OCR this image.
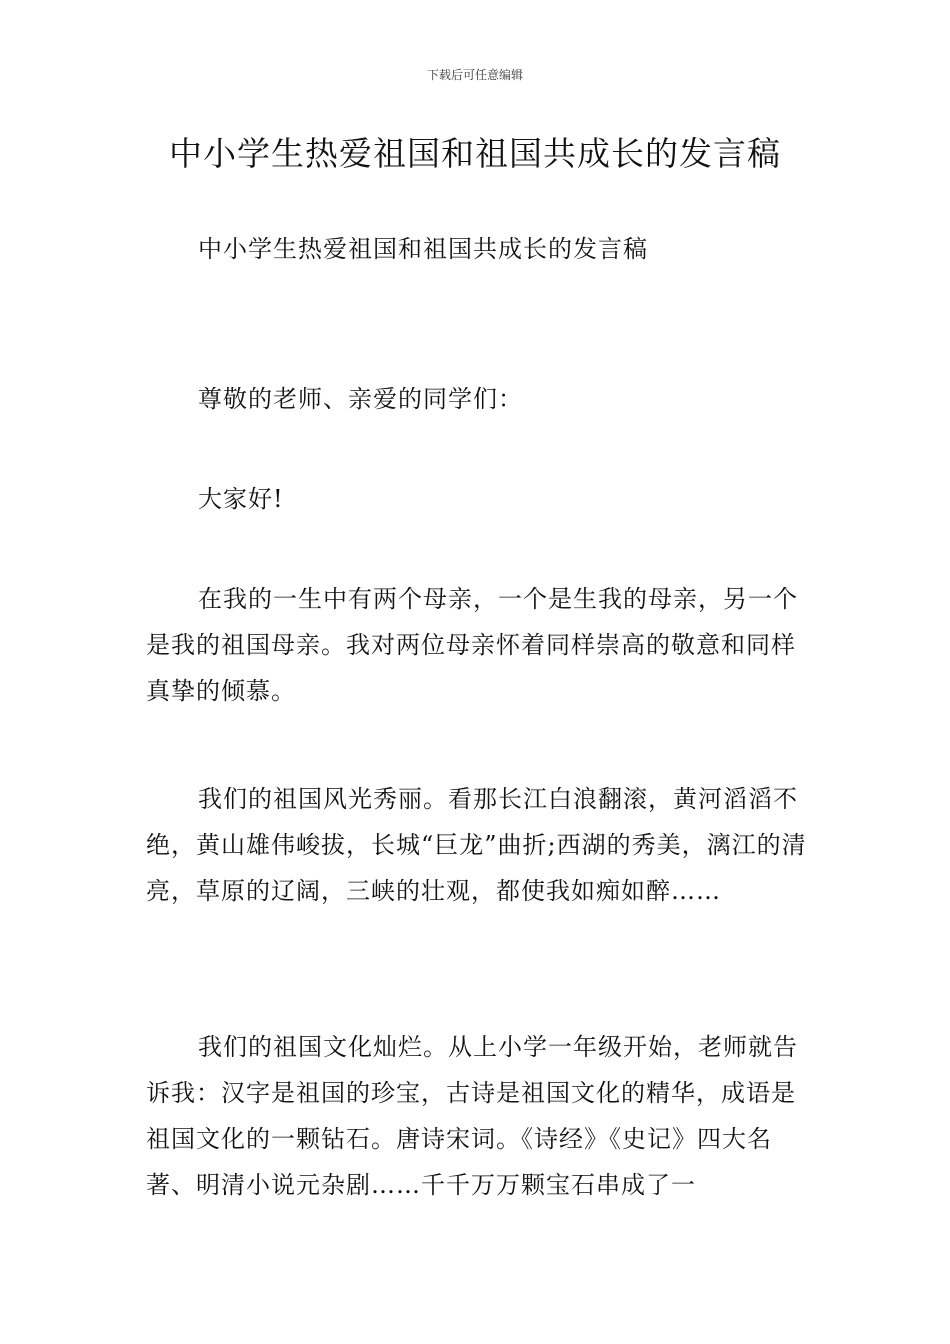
下载后可任意编辑
中小学生热爱祖国和祖国共成长的发言稿

中小学生热爱祖国和祖国共成长的发言稿

尊敬的老师、亲爱的同学们：

大家好!

在我的一生中有两个母亲，一个是生我的母亲，另一个是我的祖国母亲。我对两位母亲怀着同样崇高的敬意和同样真挚的倾慕。

我们的祖国风光秀丽。看那长江白浪翻滚，黄河滔滔不绝，黄山雄伟峻拔，长城“巨龙”曲折;西湖的秀美，漓江的清亮，草原的辽阔，三峡的壮观，都使我如痴如醉……

我们的祖国文化灿烂。从上小学一年级开始，老师就告诉我：汉字是祖国的珍宝，古诗是祖国文化的精华，成语是祖国文化的一颗钻石。唐诗宋词。《诗经》《史记》四大名著、明清小说元杂剧……千千万万颗宝石串成了一
